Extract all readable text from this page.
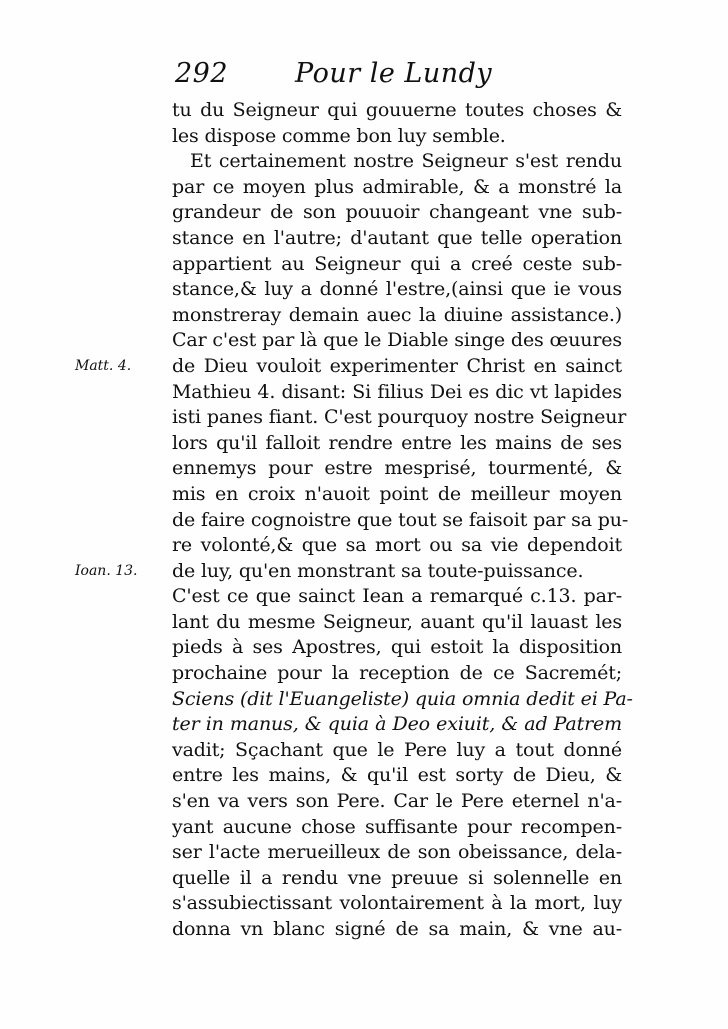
292 Pour le Lundy
Matt. 4.
Ioan. 13.
tu du Seigneur qui gouuerne toutes choses &
les dispose comme bon luy semble.
Et certainement nostre Seigneur s'est rendu
par ce moyen plus admirable, & a monstré la
grandeur de son pouuoir changeant vne sub-
stance en l'autre; d'autant que telle operation
appartient au Seigneur qui a creé ceste sub-
stance,& luy a donné l'estre,(ainsi que ie vous
monstreray demain auec la diuine assistance.)
Car c'est par là que le Diable singe des œuures
de Dieu vouloit experimenter Christ en sainct
Mathieu 4. disant: Si filius Dei es dic vt lapides
isti panes fiant. C'est pourquoy nostre Seigneur
lors qu'il falloit rendre entre les mains de ses
ennemys pour estre mesprisé, tourmenté, &
mis en croix n'auoit point de meilleur moyen
de faire cognoistre que tout se faisoit par sa pu-
re volonté,& que sa mort ou sa vie dependoit
de luy, qu'en monstrant sa toute-puissance.
C'est ce que sainct Iean a remarqué c.13. par-
lant du mesme Seigneur, auant qu'il lauast les
pieds à ses Apostres, qui estoit la disposition
prochaine pour la reception de ce Sacremét;
Sciens (dit l'Euangeliste) quia omnia dedit ei Pa-
ter in manus, & quia à Deo exiuit, & ad Patrem
vadit; Sçachant que le Pere luy a tout donné
entre les mains, & qu'il est sorty de Dieu, &
s'en va vers son Pere. Car le Pere eternel n'a-
yant aucune chose suffisante pour recompen-
ser l'acte merueilleux de son obeissance, dela-
quelle il a rendu vne preuue si solennelle en
s'assubiectissant volontairement à la mort, luy
donna vn blanc signé de sa main, & vne au-
